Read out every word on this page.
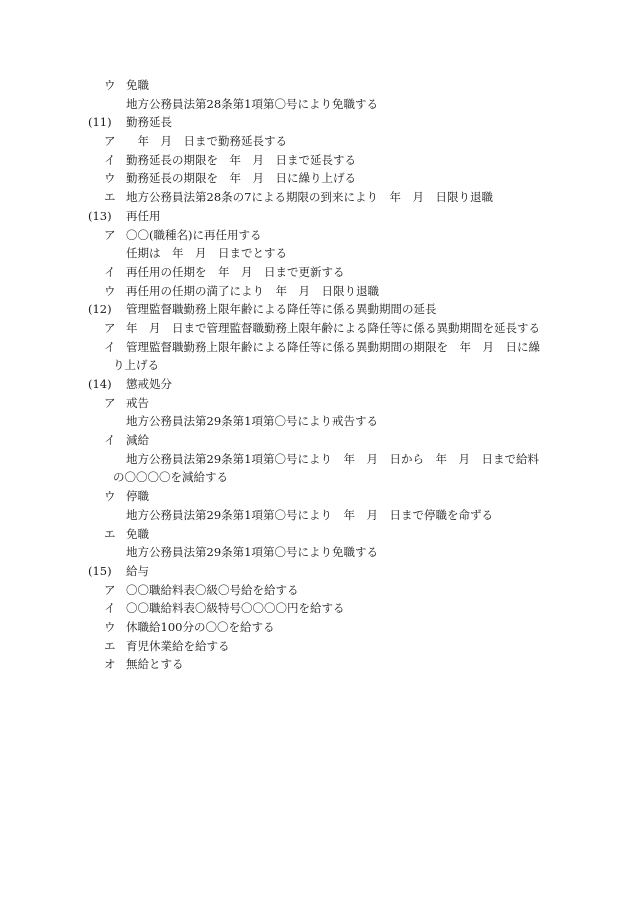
ウ 免職
地方公務員法第28条第1項第〇号により免職する
(11) 勤務延長
ア 　年　月　日まで勤務延長する
イ 勤務延長の期限を　年　月　日まで延長する
ウ 勤務延長の期限を　年　月　日に繰り上げる
エ 地方公務員法第28条の7による期限の到来により　年　月　日限り退職
(13) 再任用
ア 〇〇(職種名)に再任用する
任期は　年　月　日までとする
イ 再任用の任期を　年　月　日まで更新する
ウ 再任用の任期の満了により　年　月　日限り退職
(12) 管理監督職勤務上限年齢による降任等に係る異動期間の延長
ア 年　月　日まで管理監督職勤務上限年齢による降任等に係る異動期間を延長する
イ 管理監督職勤務上限年齢による降任等に係る異動期間の期限を　年　月　日に繰
り上げる
(14) 懲戒処分
ア 戒告
地方公務員法第29条第1項第〇号により戒告する
イ 減給
地方公務員法第29条第1項第〇号により　年　月　日から　年　月　日まで給料
の〇〇〇〇を減給する
ウ 停職
地方公務員法第29条第1項第〇号により　年　月　日まで停職を命ずる
エ 免職
地方公務員法第29条第1項第〇号により免職する
(15) 給与
ア 〇〇職給料表〇級〇号給を給する
イ 〇〇職給料表〇級特号〇〇〇〇円を給する
ウ 休職給100分の〇〇を給する
エ 育児休業給を給する
オ 無給とする
